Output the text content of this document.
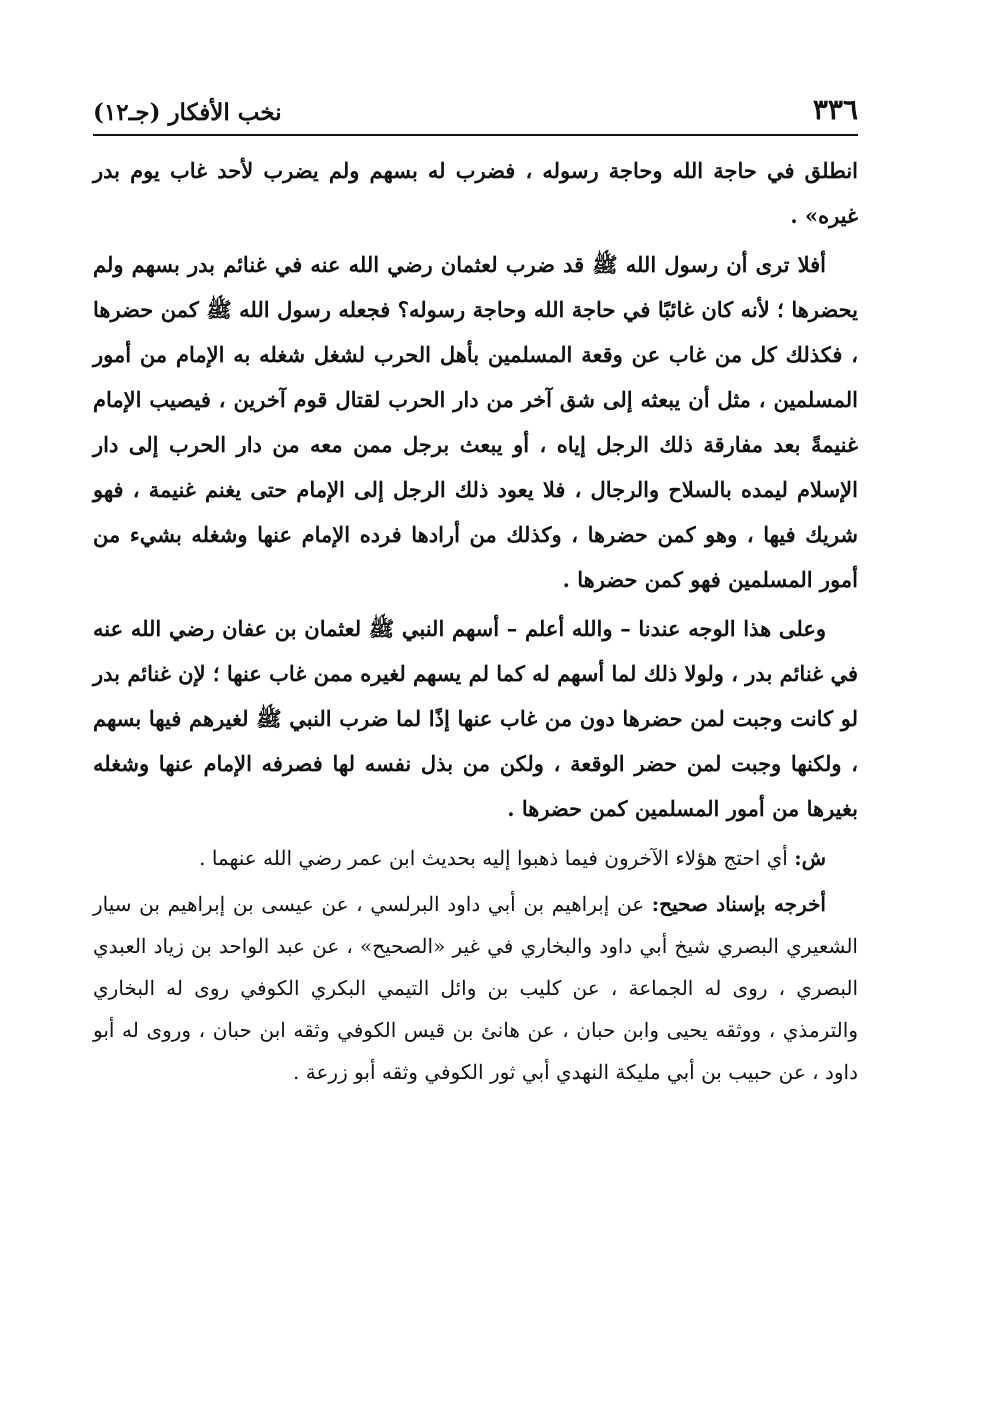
٣٣٦
نخب الأفكار (جـ١٢)

انطلق في حاجة الله وحاجة رسوله ، فضرب له بسهم ولم يضرب لأحد غاب يوم بدر غيره» .

أفلا ترى أن رسول الله ﷺ قد ضرب لعثمان رضي الله عنه في غنائم بدر بسهم ولم يحضرها ؛ لأنه كان غائبًا في حاجة الله وحاجة رسوله؟ فجعله رسول الله ﷺ كمن حضرها ، فكذلك كل من غاب عن وقعة المسلمين بأهل الحرب لشغل شغله به الإمام من أمور المسلمين ، مثل أن يبعثه إلى شق آخر من دار الحرب لقتال قوم آخرين ، فيصيب الإمام غنيمةً بعد مفارقة ذلك الرجل إياه ، أو يبعث برجل ممن معه من دار الحرب إلى دار الإسلام ليمده بالسلاح والرجال ، فلا يعود ذلك الرجل إلى الإمام حتى يغنم غنيمة ، فهو شريك فيها ، وهو كمن حضرها ، وكذلك من أرادها فرده الإمام عنها وشغله بشيء من أمور المسلمين فهو كمن حضرها .

وعلى هذا الوجه عندنا – والله أعلم – أسهم النبي ﷺ لعثمان بن عفان رضي الله عنه في غنائم بدر ، ولولا ذلك لما أسهم له كما لم يسهم لغيره ممن غاب عنها ؛ لإن غنائم بدر لو كانت وجبت لمن حضرها دون من غاب عنها إذًا لما ضرب النبي ﷺ لغيرهم فيها بسهم ، ولكنها وجبت لمن حضر الوقعة ، ولكن من بذل نفسه لها فصرفه الإمام عنها وشغله بغيرها من أمور المسلمين كمن حضرها .

ش: أي احتج هؤلاء الآخرون فيما ذهبوا إليه بحديث ابن عمر رضي الله عنهما .

أخرجه بإسناد صحيح: عن إبراهيم بن أبي داود البرلسي ، عن عيسى بن إبراهيم بن سيار الشعيري البصري شيخ أبي داود والبخاري في غير «الصحيح» ، عن عبد الواحد بن زياد العبدي البصري ، روى له الجماعة ، عن كليب بن وائل التيمي البكري الكوفي روى له البخاري والترمذي ، ووثقه يحيى وابن حبان ، عن هانئ بن قيس الكوفي وثقه ابن حبان ، وروى له أبو داود ، عن حبيب بن أبي مليكة النهدي أبي ثور الكوفي وثقه أبو زرعة .
